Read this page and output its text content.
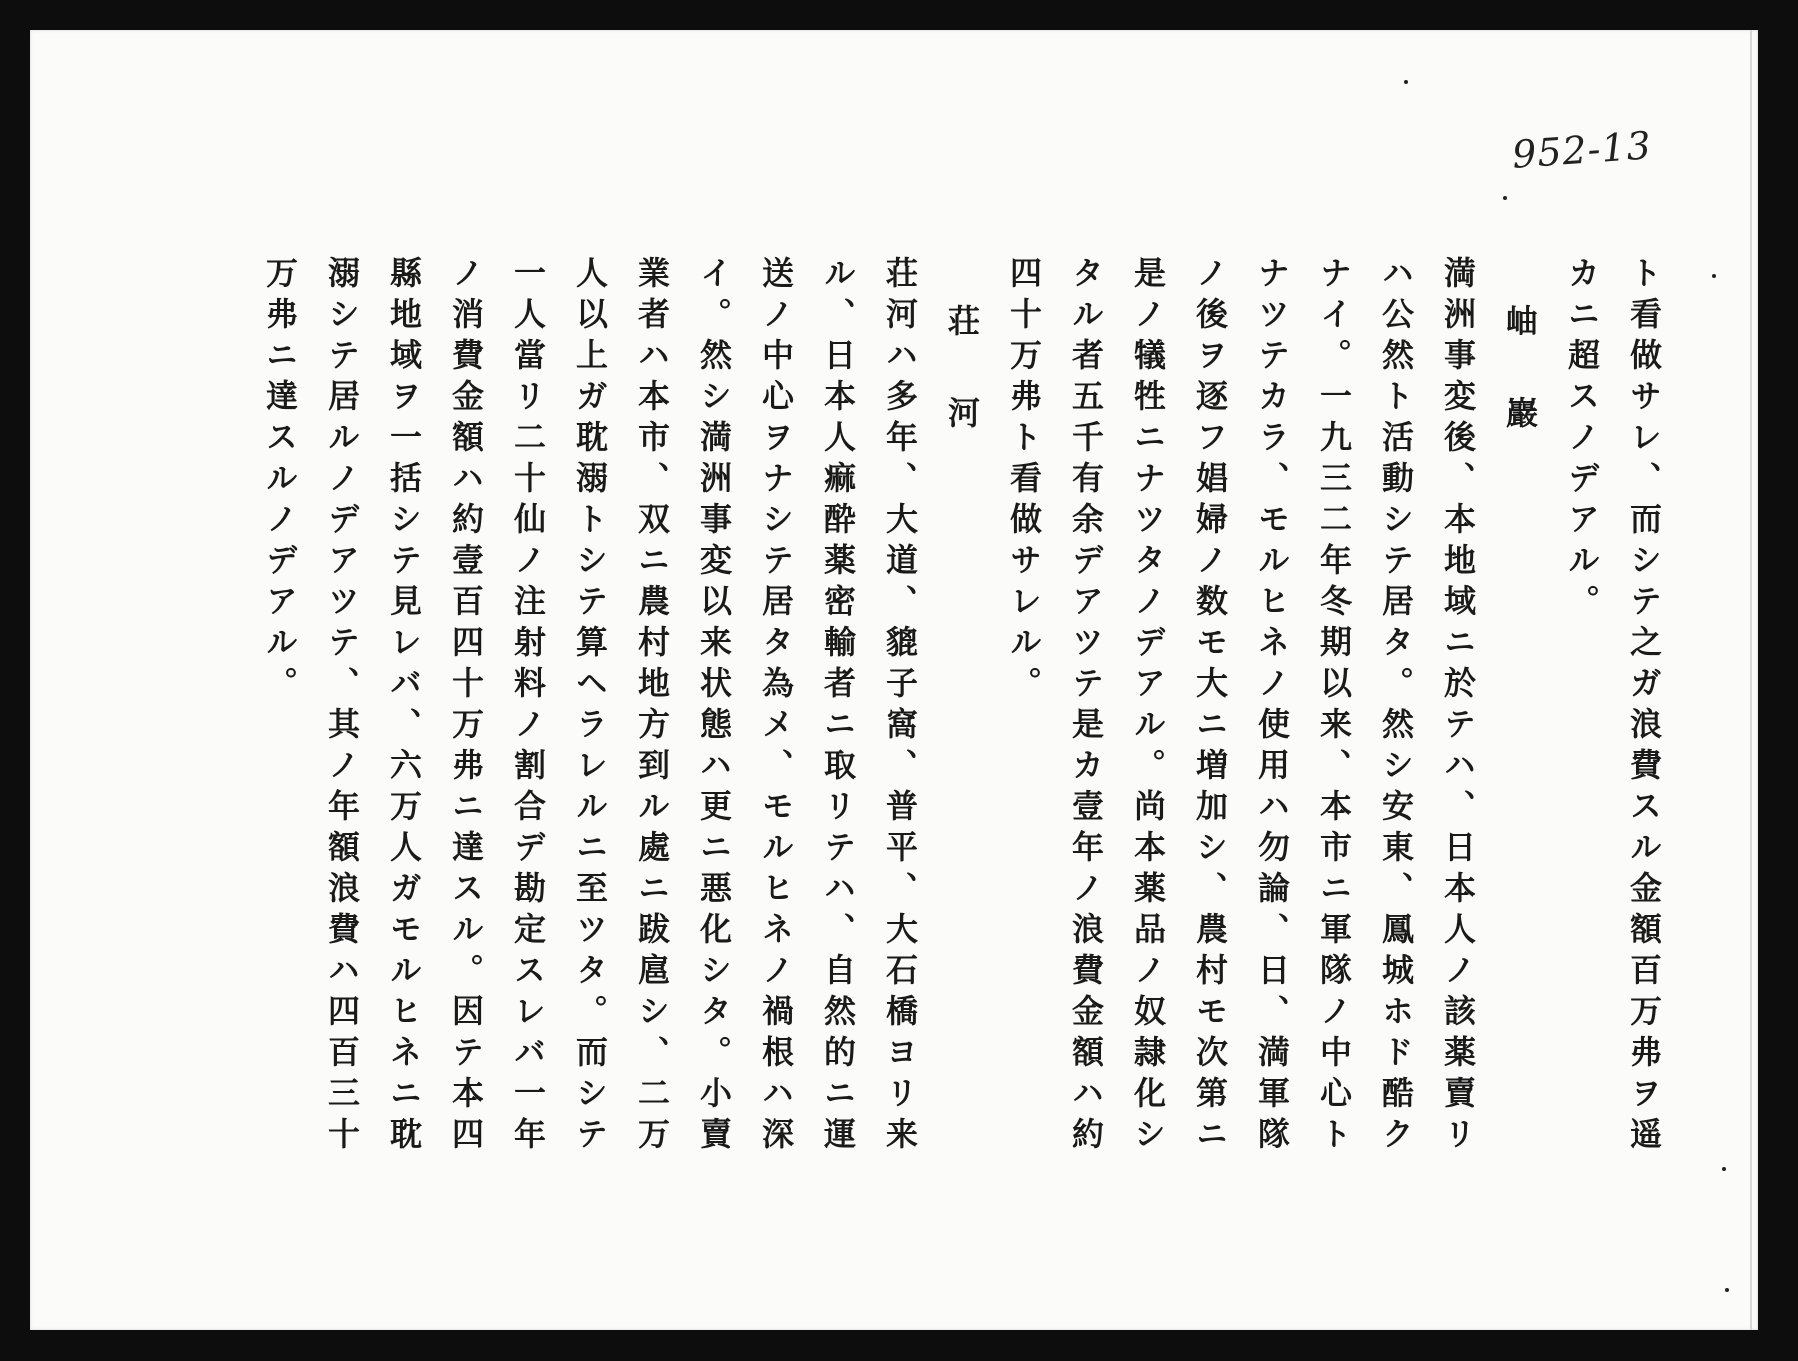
952-13
ト看做サレ、而シテ之ガ浪費スル金額百万弗ヲ遥
カニ超スノデアル。
岫巖
満洲事変後、本地域ニ於テハ、日本人ノ該薬賣リ
ハ公然ト活動シテ居タ。然シ安東、鳳城ホド酷ク
ナイ。一九三二年冬期以来、本市ニ軍隊ノ中心ト
ナツテカラ、モルヒネノ使用ハ勿論、日、満軍隊
ノ後ヲ逐フ娼婦ノ数モ大ニ増加シ、農村モ次第ニ
是ノ犠牲ニナツタノデアル。尚本薬品ノ奴隷化シ
タル者五千有余デアツテ是カ壹年ノ浪費金額ハ約
四十万弗ト看做サレル。
荘河
荘河ハ多年、大道、貔子窩、普平、大石橋ヨリ来
ル、日本人痲酔薬密輸者ニ取リテハ、自然的ニ運
送ノ中心ヲナシテ居タ為メ、モルヒネノ禍根ハ深
イ。然シ満洲事変以来状態ハ更ニ悪化シタ。小賣
業者ハ本市、双ニ農村地方到ル處ニ跋扈シ、二万
人以上ガ耽溺トシテ算ヘラレルニ至ツタ。而シテ
一人當リ二十仙ノ注射料ノ割合デ勘定スレバ一年
ノ消費金額ハ約壹百四十万弗ニ達スル。因テ本四
縣地域ヲ一括シテ見レバ、六万人ガモルヒネニ耽
溺シテ居ルノデアツテ、其ノ年額浪費ハ四百三十
万弗ニ達スルノデアル。
